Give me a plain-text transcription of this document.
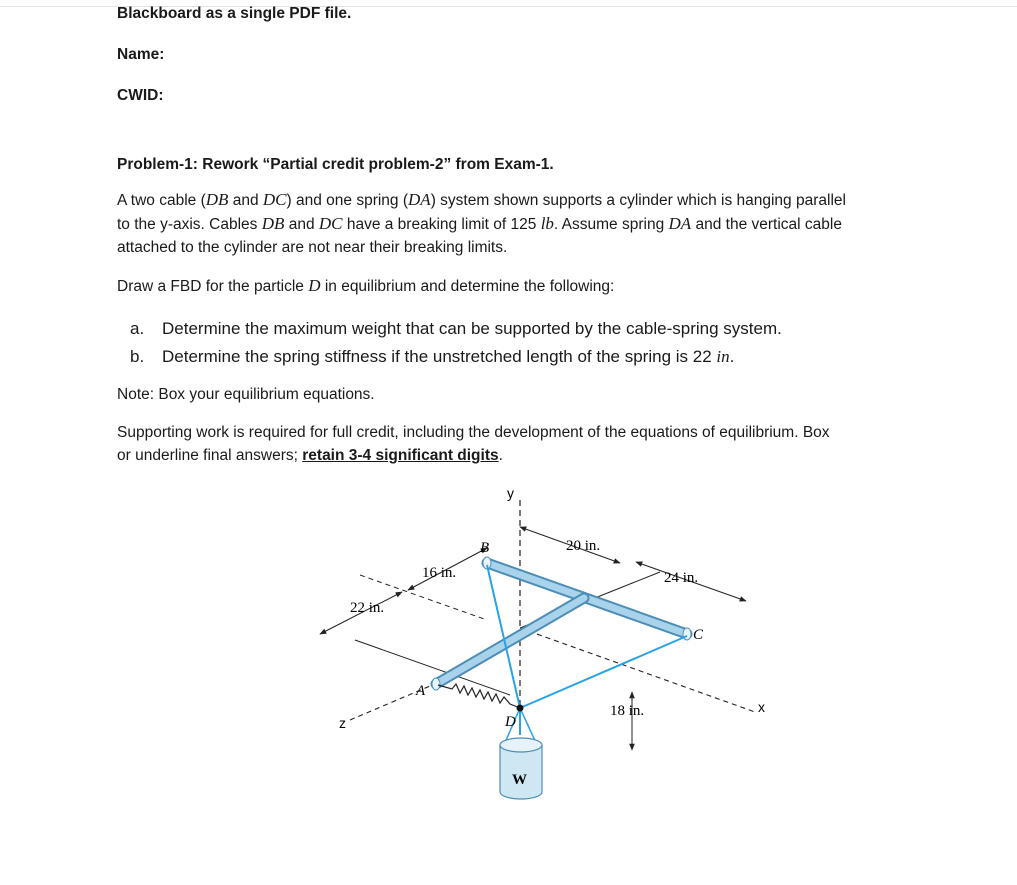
Blackboard as a single PDF file.
Name:
CWID:
Problem-1: Rework “Partial credit problem-2” from Exam-1.
A two cable (DB and DC) and one spring (DA) system shown supports a cylinder which is hanging parallel
to the y-axis. Cables DB and DC have a breaking limit of 125 lb. Assume spring DA and the vertical cable
attached to the cylinder are not near their breaking limits.
Draw a FBD for the particle D in equilibrium and determine the following:
a. Determine the maximum weight that can be supported by the cable-spring system.
b. Determine the spring stiffness if the unstretched length of the spring is 22 in.
Note: Box your equilibrium equations.
Supporting work is required for full credit, including the development of the equations of equilibrium. Box
or underline final answers; retain 3-4 significant digits.
y
x
z
20 in.
16 in.	24 in.
22 in.
18 in.
A
B
C
D
W
